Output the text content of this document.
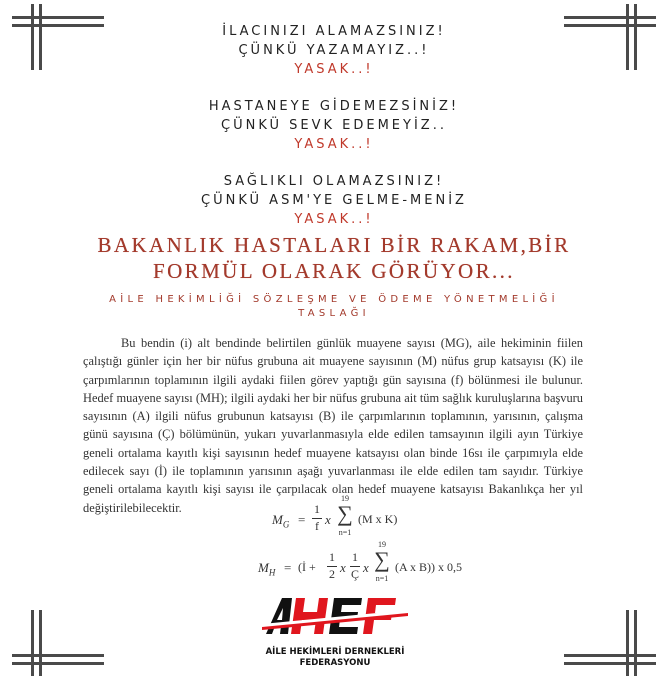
İLACINIZI ALAMAZSINIZ!
ÇÜNKÜ YAZAMAYIZ..!
YASAK..!
HASTANEYE GİDEMEZSİNİZ!
ÇÜNKÜ SEVK EDEMEYİZ..
YASAK..!
SAĞLIKLI OLAMAZSINIZ!
ÇÜNKÜ ASM'YE GELME-MENİZ
YASAK..!
BAKANLIK HASTALARI BİR RAKAM,BİR
FORMÜL OLARAK GÖRÜYOR...
AİLE HEKİMLİĞİ SÖZLEŞME VE ÖDEME YÖNETMELİĞİ
TASLAĞI

Bu bendin (i) alt bendinde belirtilen günlük muayene sayısı (MG), aile hekiminin fiilen çalıştığı günler için her bir nüfus grubuna ait muayene sayısının (M) nüfus grup katsayısı (K) ile çarpımlarının toplamının ilgili aydaki fiilen görev yaptığı gün sayısına (f) bölünmesi ile bulunur. Hedef muayene sayısı (MH); ilgili aydaki her bir nüfus grubuna ait tüm sağlık kuruluşlarına başvuru sayısının (A) ilgili nüfus grubunun katsayısı (B) ile çarpımlarının toplamının, yarısının, çalışma günü sayısına (Ç) bölümünün, yukarı yuvarlanmasıyla elde edilen tamsayının ilgili ayın Türkiye geneli ortalama kayıtlı kişi sayısının hedef muayene katsayısı olan binde 16sı ile çarpımıyla elde edilecek sayı (İ) ile toplamının yarısının aşağı yuvarlanması ile elde edilen tam sayıdır. Türkiye geneli ortalama kayıtlı kişi sayısı ile çarpılacak olan hedef muayene katsayısı Bakanlıkça her yıl değiştirilebilecektir.

$M_G$ =
1
f x
19
∑
n=1
(M x K)
$M_H$ = (İ +
1
2 x
1
Ç x
19
∑
n=1
(A x B)) x 0,5
AİLE HEKİMLERİ DERNEKLERİ
FEDERASYONU
